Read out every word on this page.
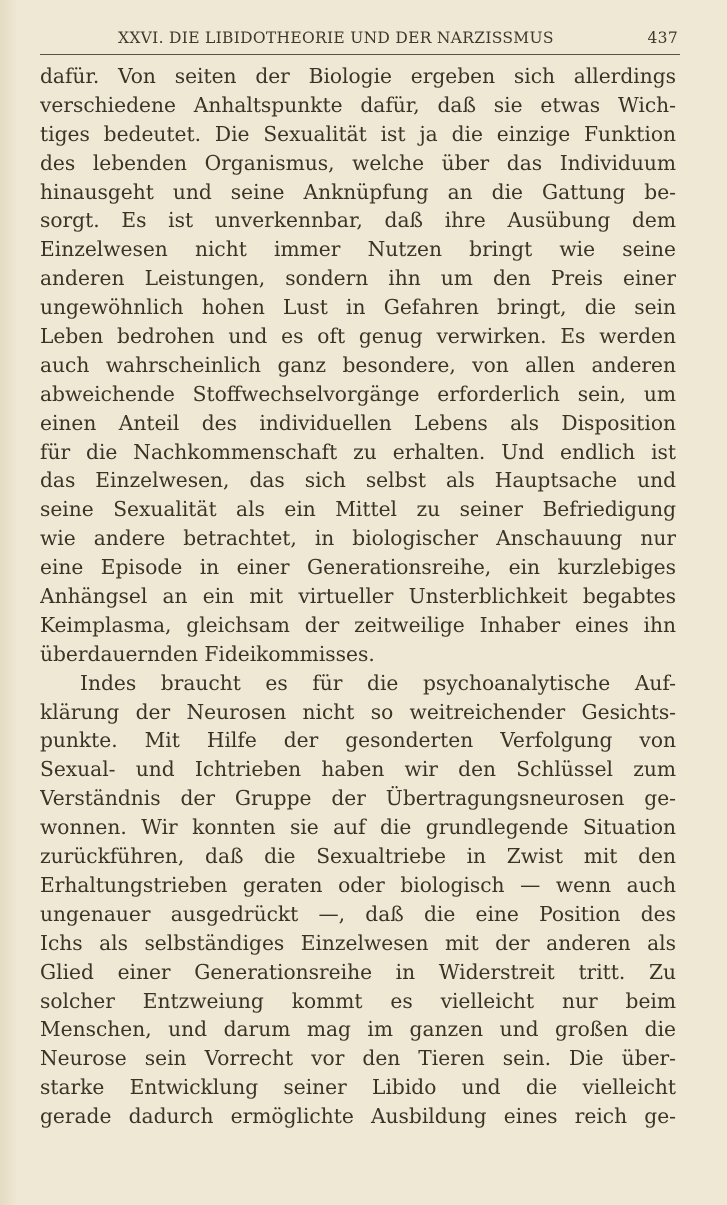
XXVI. DIE LIBIDOTHEORIE UND DER NARZISSMUS	437
dafür. Von seiten der Biologie ergeben sich allerdings
verschiedene Anhaltspunkte dafür, daß sie etwas Wich-
tiges bedeutet. Die Sexualität ist ja die einzige Funktion
des lebenden Organismus, welche über das Individuum
hinausgeht und seine Anknüpfung an die Gattung be-
sorgt. Es ist unverkennbar, daß ihre Ausübung dem
Einzelwesen nicht immer Nutzen bringt wie seine
anderen Leistungen, sondern ihn um den Preis einer
ungewöhnlich hohen Lust in Gefahren bringt, die sein
Leben bedrohen und es oft genug verwirken. Es werden
auch wahrscheinlich ganz besondere, von allen anderen
abweichende Stoffwechselvorgänge erforderlich sein, um
einen Anteil des individuellen Lebens als Disposition
für die Nachkommenschaft zu erhalten. Und endlich ist
das Einzelwesen, das sich selbst als Hauptsache und
seine Sexualität als ein Mittel zu seiner Befriedigung
wie andere betrachtet, in biologischer Anschauung nur
eine Episode in einer Generationsreihe, ein kurzlebiges
Anhängsel an ein mit virtueller Unsterblichkeit begabtes
Keimplasma, gleichsam der zeitweilige Inhaber eines ihn
überdauernden Fideikommisses.
Indes braucht es für die psychoanalytische Auf-
klärung der Neurosen nicht so weitreichender Gesichts-
punkte. Mit Hilfe der gesonderten Verfolgung von
Sexual- und Ichtrieben haben wir den Schlüssel zum
Verständnis der Gruppe der Übertragungsneurosen ge-
wonnen. Wir konnten sie auf die grundlegende Situation
zurückführen, daß die Sexualtriebe in Zwist mit den
Erhaltungstrieben geraten oder biologisch — wenn auch
ungenauer ausgedrückt —, daß die eine Position des
Ichs als selbständiges Einzelwesen mit der anderen als
Glied einer Generationsreihe in Widerstreit tritt. Zu
solcher Entzweiung kommt es vielleicht nur beim
Menschen, und darum mag im ganzen und großen die
Neurose sein Vorrecht vor den Tieren sein. Die über-
starke Entwicklung seiner Libido und die vielleicht
gerade dadurch ermöglichte Ausbildung eines reich ge-
